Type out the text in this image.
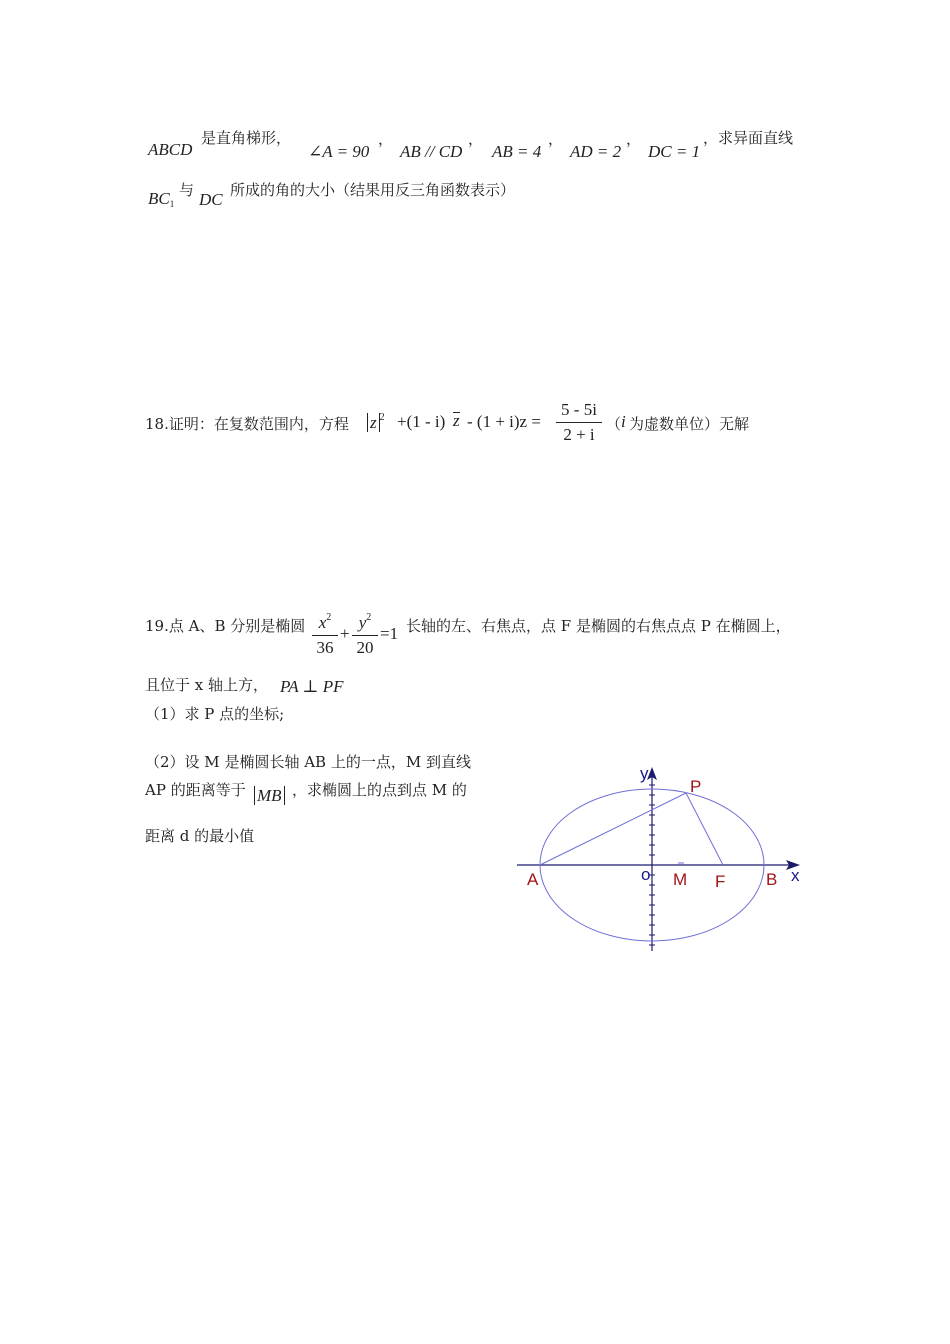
ABCD
是直角梯形，
∠A = 90
，
AB // CD
，
AB = 4
，
AD = 2
，
DC = 1
，求异面直线
$BC_1$
与 DC 所成的角的大小（结果用反三角函数表示）
18.证明：在复数范围内，方程 z $^2$ +(1 - i) z - (1 + i)z =
5 - 5i
2 + i
（ i 为虚数单位）无解
19.点 A、B 分别是椭圆 $x^2$
36
+
$y^2$
20
=1 长轴的左、右焦点，点 F 是椭圆的右焦点点 P 在椭圆上，
且位于 x 轴上方， PA ⊥ PF
（1）求 P 点的坐标;
（2）设 M 是椭圆长轴 AB 上的一点，M 到直线
AP 的距离等于 MB ，求椭圆上的点到点 M 的
距离 d 的最小值
y
x
o
A	B
M F
P
